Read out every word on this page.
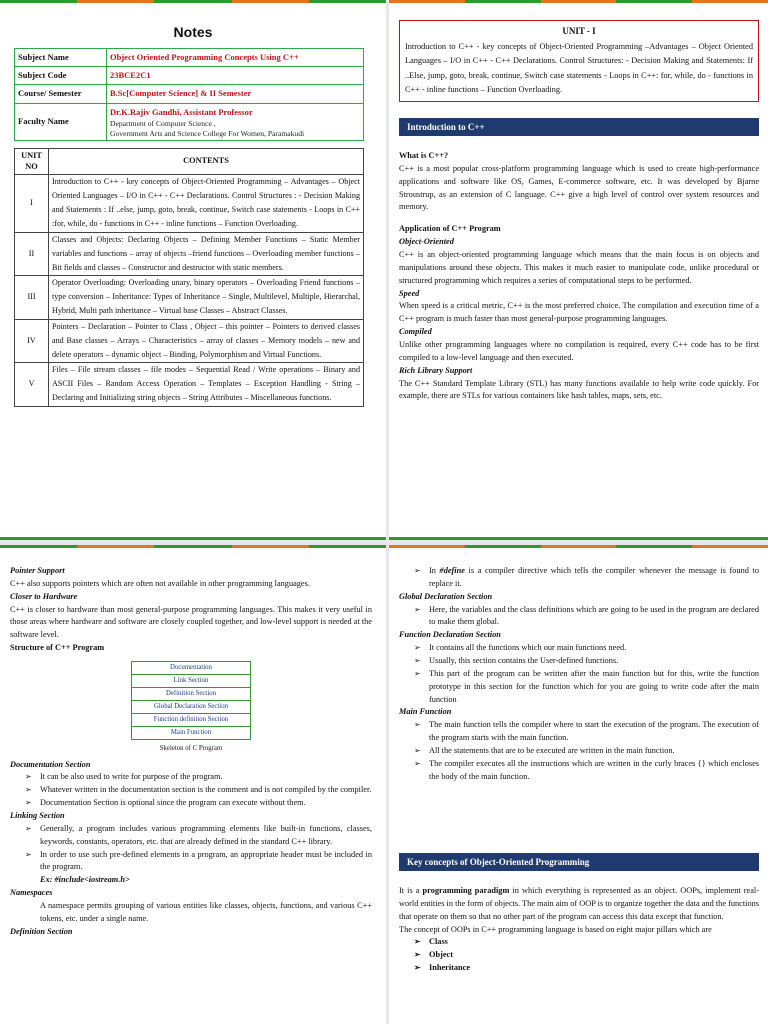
Notes
Subject Name	Object Oriented Programming Concepts Using C++
Subject Code	23BCE2C1
Course/ Semester	B.Sc[Computer Science] & II Semester
Faculty Name	Dr.K.Rajiv Gandhi, Assistant Professor
Department of Computer Science ,
Government Arts and Science College For Women, Paramakudi
UNIT NO	CONTENTS
I	Introduction to C++ - key concepts of Object-Oriented Programming – Advantages – Object Oriented Languages – I/O in C++ - C++ Declarations. Control Structures : - Decision Making and Statements : If ..else, jump, goto, break, continue, Switch case statements - Loops in C++ :for, while, do - functions in C++ - inline functions – Function Overloading.
II	Classes and Objects: Declaring Objects – Defining Member Functions – Static Member variables and functions – array of objects –friend functions – Overloading member functions – Bit fields and classes – Constructor and destructor with static members.
III	Operator Overloading: Overloading unary, binary operators – Overloading Friend functions –type conversion – Inheritance: Types of Inheritance – Single, Multilevel, Multiple, Hierarchal, Hybrid, Multi path inheritance – Virtual base Classes – Abstract Classes.
IV	Pointers – Declaration – Pointer to Class , Object – this pointer – Pointers to derived classes and Base classes – Arrays – Characteristics – array of classes – Memory models – new and delete operators – dynamic object – Binding, Polymorphism and Virtual Functions.
V	Files – File stream classes – file modes – Sequential Read / Write operations – Binary and ASCII Files – Random Access Operation – Templates – Exception Handling - String – Declaring and Initializing string objects – String Attributes – Miscellaneous functions.
UNIT - I
Introduction to C++ - key concepts of Object-Oriented Programming –Advantages – Object Oriented Languages – I/O in C++ - C++ Declarations. Control Structures: - Decision Making and Statements: If ..Else, jump, goto, break, continue, Switch case statements - Loops in C++: for, while, do - functions in C++ - inline functions – Function Overloading.
Introduction to C++
What is C++?
C++ is a most popular cross-platform programming language which is used to create high-performance applications and software like OS, Games, E-commerce software, etc. It was developed by Bjarne Stroustrup, as an extension of C language. C++ give a high level of control over system resources and memory.
Application of C++ Program
Object-Oriented
C++ is an object-oriented programming language which means that the main focus is on objects and manipulations around these objects. This makes it much easier to manipulate code, unlike procedural or structured programming which requires a series of computational steps to be performed.
Speed
When speed is a critical metric, C++ is the most preferred choice. The compilation and execution time of a C++ program is much faster than most general-purpose programming languages.
Compiled
Unlike other programming languages where no compilation is required, every C++ code has to be first compiled to a low-level language and then executed.
Rich Library Support
The C++ Standard Template Library (STL) has many functions available to help write code quickly. For example, there are STLs for various containers like hash tables, maps, sets, etc.
Pointer Support
C++ also supports pointers which are often not available in other programming languages.
Closer to Hardware
C++ is closer to hardware than most general-purpose programming languages. This makes it very useful in those areas where hardware and software are closely coupled together, and low-level support is needed at the software level.
Structure of C++ Program
Documentation
Link Section
Definition Section
Global Declaration Section
Function definition Section
Main Function
Skeleton of C Program
Documentation Section
➢ It can be also used to write for purpose of the program.
➢ Whatever written in the documentation section is the comment and is not compiled by the compiler.
➢ Documentation Section is optional since the program can execute without them.
Linking Section
➢ Generally, a program includes various programming elements like built-in functions, classes, keywords, constants, operators, etc. that are already defined in the standard C++ library.
➢ In order to use such pre-defined elements in a program, an appropriate header must be included in the program.
Ex: #include<iostream.h>
Namespaces
A namespace permits grouping of various entities like classes, objects, functions, and various C++ tokens, etc. under a single name.
Definition Section
➢ In #define is a compiler directive which tells the compiler whenever the message is found to replace it.
Global Declaration Section
➢ Here, the variables and the class definitions which are going to be used in the program are declared to make them global.
Function Declaration Section
➢ It contains all the functions which our main functions need.
➢ Usually, this section contains the User-defined functions.
➢ This part of the program can be written after the main function but for this, write the function prototype in this section for the function which for you are going to write code after the main function
Main Function
➢ The main function tells the compiler where to start the execution of the program. The execution of the program starts with the main function.
➢ All the statements that are to be executed are written in the main function.
➢ The compiler executes all the instructions which are written in the curly braces {} which encloses the body of the main function.
Key concepts of Object-Oriented Programming
It is a programming paradigm in which everything is represented as an object. OOPs, implement real-world entities in the form of objects. The main aim of OOP is to organize together the data and the functions that operate on them so that no other part of the program can access this data except that function.
The concept of OOPs in C++ programming language is based on eight major pillars which are
➢ Class
➢ Object
➢ Inheritance
